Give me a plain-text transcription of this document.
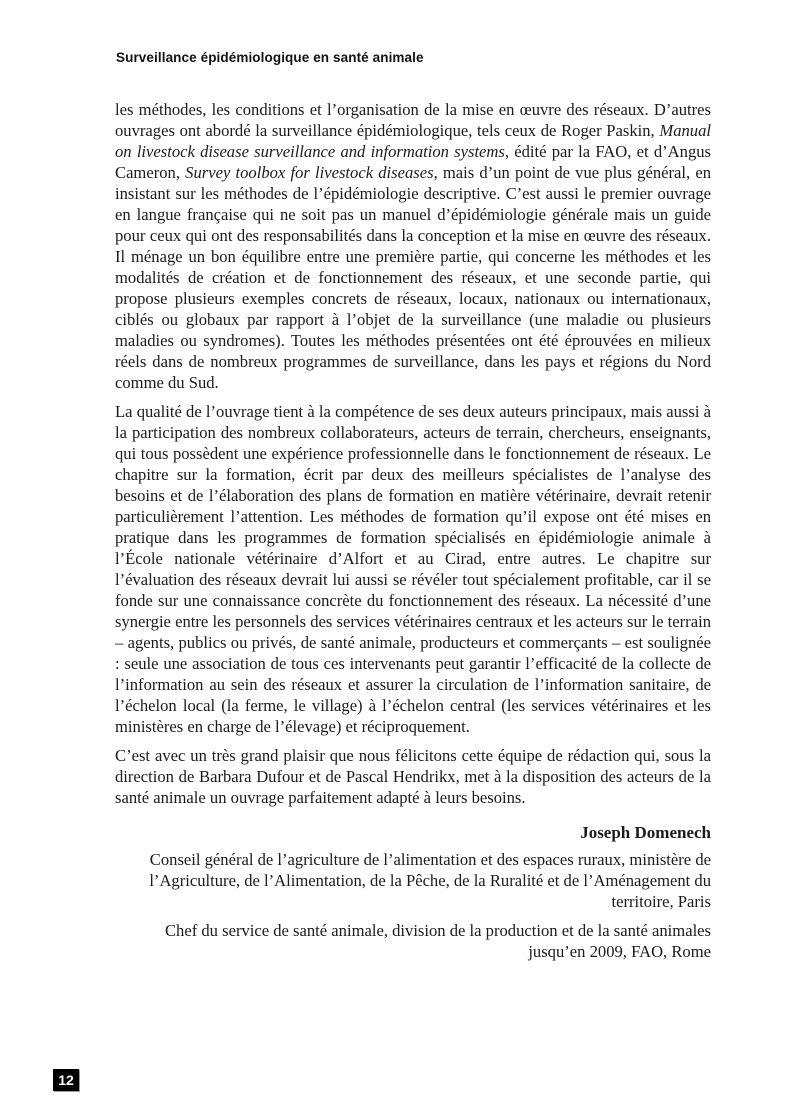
Surveillance épidémiologique en santé animale

les méthodes, les conditions et l’organisation de la mise en œuvre des réseaux. D’autres ouvrages ont abordé la surveillance épidémiologique, tels ceux de Roger Paskin, Manual on livestock disease surveillance and information systems, édité par la FAO, et d’Angus Cameron, Survey toolbox for livestock diseases, mais d’un point de vue plus général, en insistant sur les méthodes de l’épidémiologie descriptive. C’est aussi le premier ouvrage en langue française qui ne soit pas un manuel d’épidémiologie générale mais un guide pour ceux qui ont des responsabilités dans la conception et la mise en œuvre des réseaux. Il ménage un bon équilibre entre une première partie, qui concerne les méthodes et les modalités de création et de fonctionnement des réseaux, et une seconde partie, qui propose plusieurs exemples concrets de réseaux, locaux, nationaux ou internationaux, ciblés ou globaux par rapport à l’objet de la surveillance (une maladie ou plusieurs maladies ou syndromes). Toutes les méthodes présentées ont été éprouvées en milieux réels dans de nombreux programmes de surveillance, dans les pays et régions du Nord comme du Sud.

La qualité de l’ouvrage tient à la compétence de ses deux auteurs principaux, mais aussi à la participation des nombreux collaborateurs, acteurs de terrain, chercheurs, enseignants, qui tous possèdent une expérience professionnelle dans le fonctionnement de réseaux. Le chapitre sur la formation, écrit par deux des meilleurs spécialistes de l’analyse des besoins et de l’élaboration des plans de formation en matière vétérinaire, devrait retenir particulièrement l’attention. Les méthodes de formation qu’il expose ont été mises en pratique dans les programmes de formation spécialisés en épidémiologie animale à l’École nationale vétérinaire d’Alfort et au Cirad, entre autres. Le chapitre sur l’évaluation des réseaux devrait lui aussi se révéler tout spécialement profitable, car il se fonde sur une connaissance concrète du fonctionnement des réseaux. La nécessité d’une synergie entre les personnels des services vétérinaires centraux et les acteurs sur le terrain – agents, publics ou privés, de santé animale, producteurs et commerçants – est soulignée : seule une association de tous ces intervenants peut garantir l’efficacité de la collecte de l’information au sein des réseaux et assurer la circulation de l’information sanitaire, de l’échelon local (la ferme, le village) à l’échelon central (les services vétérinaires et les ministères en charge de l’élevage) et réciproquement.

C’est avec un très grand plaisir que nous félicitons cette équipe de rédaction qui, sous la direction de Barbara Dufour et de Pascal Hendrikx, met à la disposition des acteurs de la santé animale un ouvrage parfaitement adapté à leurs besoins.

Joseph Domenech

Conseil général de l’agriculture de l’alimentation et des espaces ruraux, ministère de l’Agriculture, de l’Alimentation, de la Pêche, de la Ruralité et de l’Aménagement du territoire, Paris

Chef du service de santé animale, division de la production et de la santé animales jusqu’en 2009, FAO, Rome

12
